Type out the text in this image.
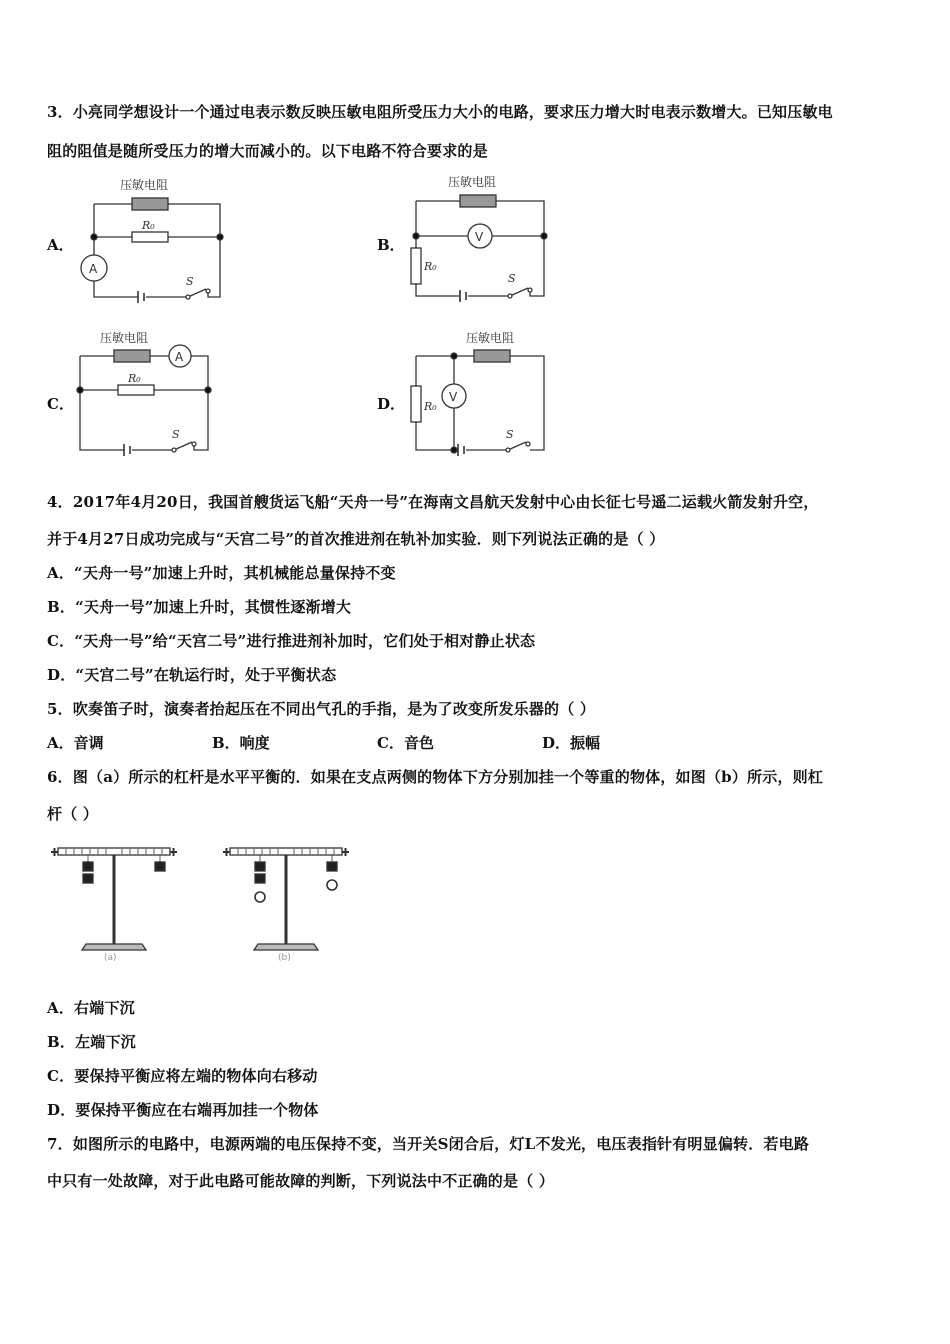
3．小亮同学想设计一个通过电表示数反映压敏电阻所受压力大小的电路，要求压力增大时电表示数增大。已知压敏电
阻的阻值是随所受压力的增大而减小的。以下电路不符合要求的是
A．	B．
C．	D．
压敏电阻
R₀
A
S
压敏电阻
V
R₀
S
压敏电阻
A
R₀
S
压敏电阻
R₀
V
S
4．2017年4月20日，我国首艘货运飞船“天舟一号”在海南文昌航天发射中心由长征七号遥二运载火箭发射升空，
并于4月27日成功完成与“天宫二号”的首次推进剂在轨补加实验．则下列说法正确的是（ ）
A．“天舟一号”加速上升时，其机械能总量保持不变
B．“天舟一号”加速上升时，其惯性逐渐增大
C．“天舟一号”给“天宫二号”进行推进剂补加时，它们处于相对静止状态
D．“天宫二号”在轨运行时，处于平衡状态
5．吹奏笛子时，演奏者抬起压在不同出气孔的手指，是为了改变所发乐器的（ ）
A．音调	B．响度	C．音色	D．振幅
6．图（a）所示的杠杆是水平平衡的．如果在支点两侧的物体下方分别加挂一个等重的物体，如图（b）所示，则杠
杆（ ）
(a)	(b)
A．右端下沉
B．左端下沉
C．要保持平衡应将左端的物体向右移动
D．要保持平衡应在右端再加挂一个物体
7．如图所示的电路中，电源两端的电压保持不变，当开关S闭合后，灯L不发光，电压表指针有明显偏转．若电路
中只有一处故障，对于此电路可能故障的判断，下列说法中不正确的是（ ）
